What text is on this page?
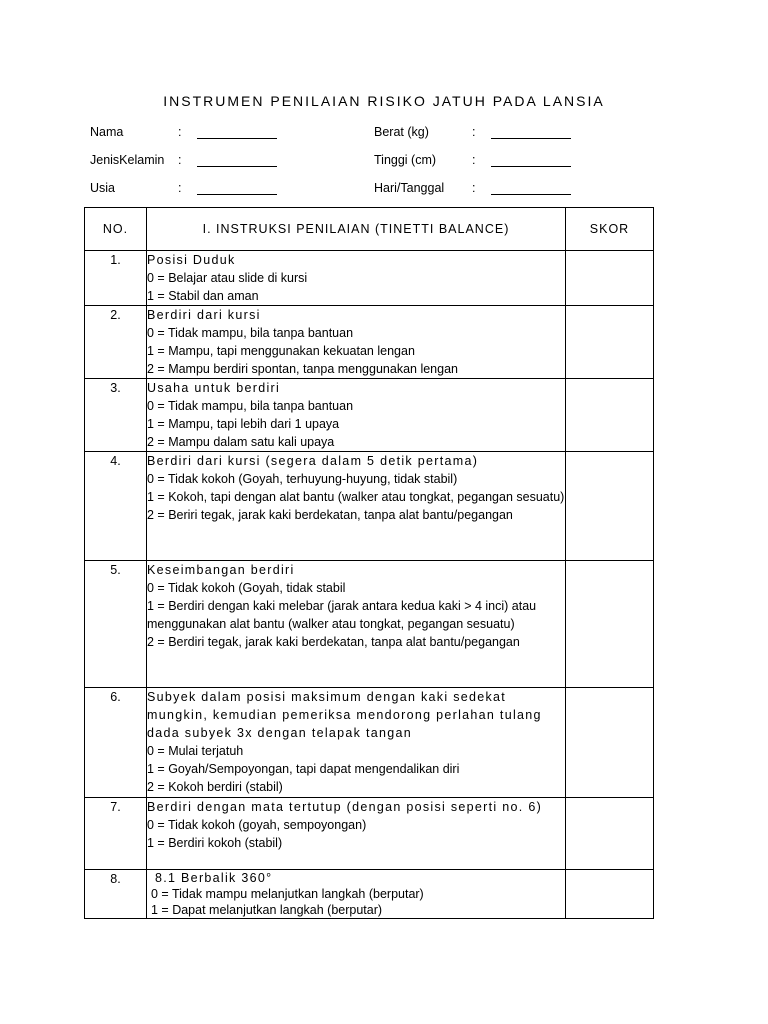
INSTRUMEN PENILAIAN RISIKO JATUH PADA LANSIA
Nama	:
JenisKelamin :
Usia	:
Berat (kg)	:
Tinggi (cm)	:
Hari/Tanggal :
NO.	I. INSTRUKSI PENILAIAN (TINETTI BALANCE)	SKOR
1.	Posisi Duduk
0 = Belajar atau slide di kursi
1 = Stabil dan aman	

2.	Berdiri dari kursi
0 = Tidak mampu, bila tanpa bantuan
1 = Mampu, tapi menggunakan kekuatan lengan
2 = Mampu berdiri spontan, tanpa menggunakan lengan	

3.	Usaha untuk berdiri
0 = Tidak mampu, bila tanpa bantuan
1 = Mampu, tapi lebih dari 1 upaya
2 = Mampu dalam satu kali upaya	

4.	Berdiri dari kursi (segera dalam 5 detik pertama)
0 = Tidak kokoh (Goyah, terhuyung-huyung, tidak stabil)
1 = Kokoh, tapi dengan alat bantu (walker atau tongkat, pegangan sesuatu)
2 = Beriri tegak, jarak kaki berdekatan, tanpa alat bantu/pegangan	

5.	Keseimbangan berdiri
0 = Tidak kokoh (Goyah, tidak stabil
1 = Berdiri dengan kaki melebar (jarak antara kedua kaki > 4 inci) atau menggunakan alat bantu (walker atau tongkat, pegangan sesuatu)
2 = Berdiri tegak, jarak kaki berdekatan, tanpa alat bantu/pegangan	

6.	Subyek dalam posisi maksimum dengan kaki sedekat mungkin, kemudian pemeriksa mendorong perlahan tulang dada subyek 3x dengan telapak tangan
0 = Mulai terjatuh
1 = Goyah/Sempoyongan, tapi dapat mengendalikan diri
2 = Kokoh berdiri (stabil)	

7.	Berdiri dengan mata tertutup (dengan posisi seperti no. 6)
0 = Tidak kokoh (goyah, sempoyongan)
1 = Berdiri kokoh (stabil)	

8.	8.1 Berbalik 360°
0 = Tidak mampu melanjutkan langkah (berputar)
1 = Dapat melanjutkan langkah (berputar)	
